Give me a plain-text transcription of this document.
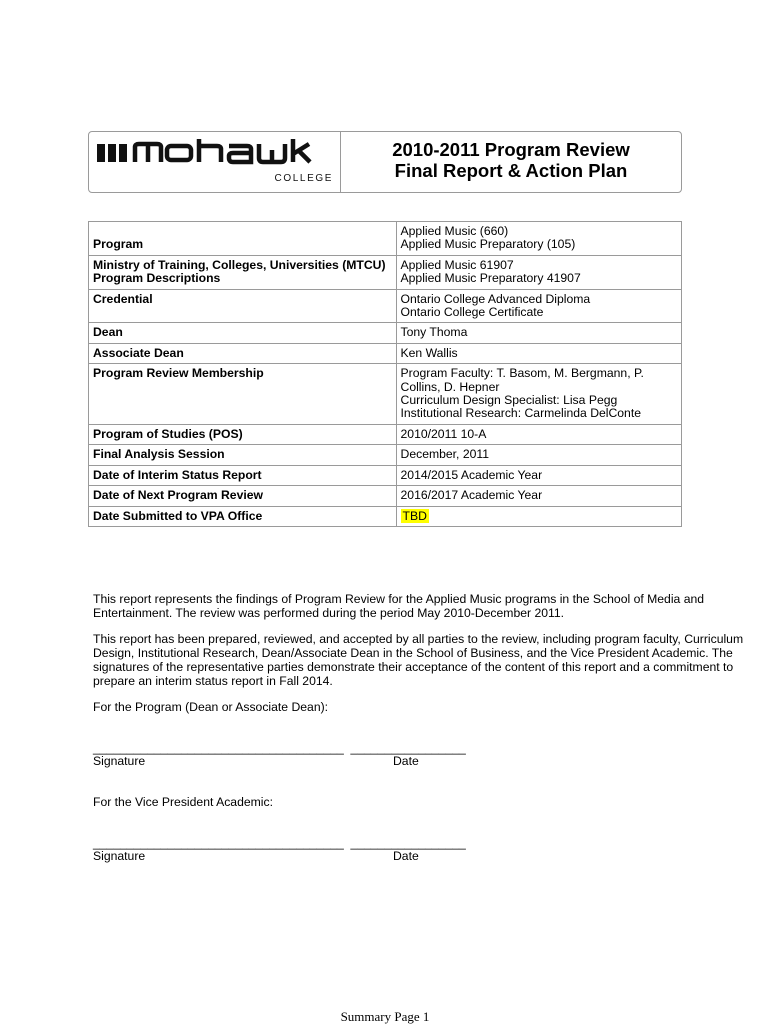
COLLEGE
2010-2011 Program Review
Final Report & Action Plan
Program	Applied Music (660)
Applied Music Preparatory (105)

Ministry of Training, Colleges, Universities (MTCU) Program Descriptions	Applied Music 61907
Applied Music Preparatory 41907

Credential	Ontario College Advanced Diploma
Ontario College Certificate

Dean	Tony Thoma
Associate Dean	Ken Wallis
Program Review Membership	Program Faculty: T. Basom, M. Bergmann, P. Collins, D. Hepner
Curriculum Design Specialist: Lisa Pegg
Institutional Research: Carmelinda DelConte

Program of Studies (POS)	2010/2011 10-A
Final Analysis Session	December, 2011
Date of Interim Status Report	2014/2015 Academic Year
Date of Next Program Review	2016/2017 Academic Year
Date Submitted to VPA Office	TBD
This report represents the findings of Program Review for the Applied Music programs in the School of Media and Entertainment. The review was performed during the period May 2010-December 2011.
This report has been prepared, reviewed, and accepted by all parties to the review, including program faculty, Curriculum Design, Institutional Research, Dean/Associate Dean in the School of Business, and the Vice President Academic. The signatures of the representative parties demonstrate their acceptance of the content of this report and a commitment to prepare an interim status report in Fall 2014.
For the Program (Dean or Associate Dean):
_____________________________________  _________________
Signature	Date
For the Vice President Academic:
_____________________________________  _________________
Signature	Date
Summary Page 1
